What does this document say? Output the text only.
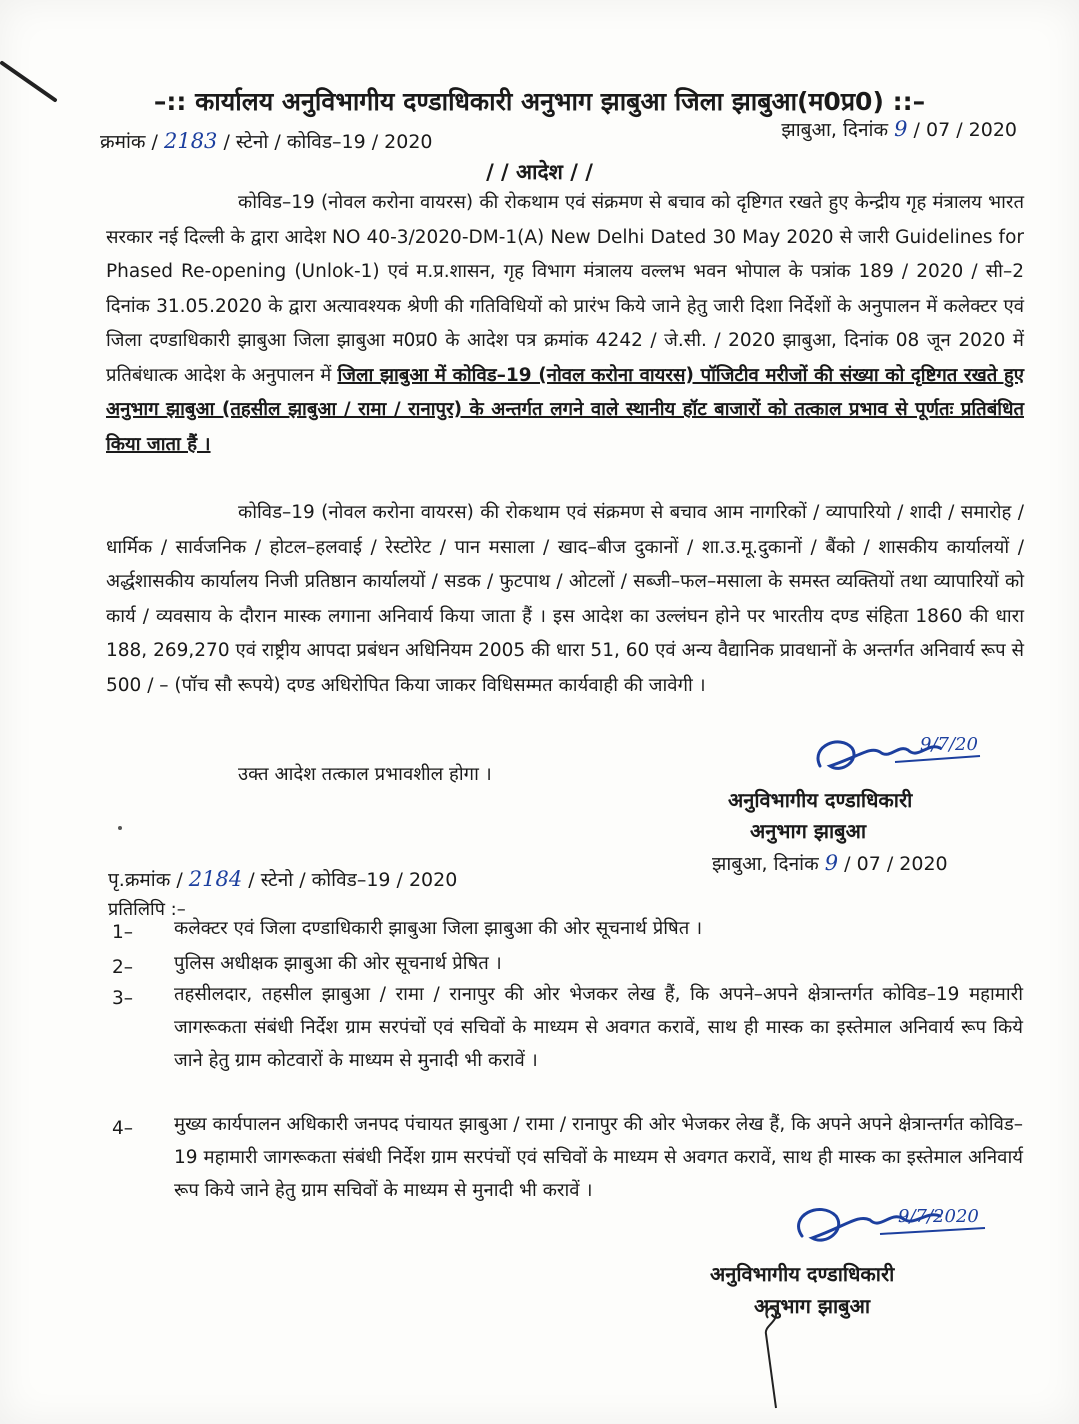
–:: कार्यालय अनुविभागीय दण्डाधिकारी अनुभाग झाबुआ जिला झाबुआ(म0प्र0) ::–
क्रमांक / 2183 / स्टेनो / कोविड–19 / 2020
झाबुआ, दिनांक 9 / 07 / 2020
/ / आदेश / /
कोविड–19 (नोवल करोना वायरस) की रोकथाम एवं संक्रमण से बचाव को दृष्टिगत रखते हुए केन्द्रीय गृह मंत्रालय भारत सरकार नई दिल्ली के द्वारा आदेश NO 40-3/2020-DM-1(A) New Delhi Dated 30 May 2020 से जारी Guidelines for Phased Re-opening (Unlok-1) एवं म.प्र.शासन, गृह विभाग मंत्रालय वल्लभ भवन भोपाल के पत्रांक 189 / 2020 / सी–2 दिनांक 31.05.2020 के द्वारा अत्यावश्यक श्रेणी की गतिविधियों को प्रारंभ किये जाने हेतु जारी दिशा निर्देशों के अनुपालन में कलेक्टर एवं जिला दण्डाधिकारी झाबुआ जिला झाबुआ म0प्र0 के आदेश पत्र क्रमांक 4242 / जे.सी. / 2020 झाबुआ, दिनांक 08 जून 2020 में प्रतिबंधात्क आदेश के अनुपालन में जिला झाबुआ में कोविड–19 (नोवल करोना वायरस) पॉजिटीव मरीजों की संख्या को दृष्टिगत रखते हुए अनुभाग झाबुआ (तहसील झाबुआ / रामा / रानापुर) के अन्तर्गत लगने वाले स्थानीय हॉट बाजारों को तत्काल प्रभाव से पूर्णतः प्रतिबंधित किया जाता हैं ।
कोविड–19 (नोवल करोना वायरस) की रोकथाम एवं संक्रमण से बचाव आम नागरिकों / व्यापारियो / शादी / समारोह / धार्मिक / सार्वजनिक / होटल–हलवाई / रेस्टोरेट / पान मसाला / खाद–बीज दुकानों / शा.उ.मू.दुकानों / बैंको / शासकीय कार्यालयों / अर्द्धशासकीय कार्यालय निजी प्रतिष्ठान कार्यालयों / सडक / फुटपाथ / ओटलों / सब्जी–फल–मसाला के समस्त व्यक्तियों तथा व्यापारियों को कार्य / व्यवसाय के दौरान मास्क लगाना अनिवार्य किया जाता हैं । इस आदेश का उल्लंघन होने पर भारतीय दण्ड संहिता 1860 की धारा 188, 269,270 एवं राष्ट्रीय आपदा प्रबंधन अधिनियम 2005 की धारा 51, 60 एवं अन्य वैद्यानिक प्रावधानों के अन्तर्गत अनिवार्य रूप से 500 / – (पॉच सौ रूपये) दण्ड अधिरोपित किया जाकर विधिसम्मत कार्यवाही की जावेगी ।
उक्त आदेश तत्काल प्रभावशील होगा ।
9/7/20
अनुविभागीय दण्डाधिकारी
अनुभाग झाबुआ
पृ.क्रमांक / 2184 / स्टेनो / कोविड–19 / 2020
झाबुआ, दिनांक 9 / 07 / 2020
प्रतिलिपि :–
1–	कलेक्टर एवं जिला दण्डाधिकारी झाबुआ जिला झाबुआ की ओर सूचनार्थ प्रेषित ।
2–	पुलिस अधीक्षक झाबुआ की ओर सूचनार्थ प्रेषित ।
3–	तहसीलदार, तहसील झाबुआ / रामा / रानापुर की ओर भेजकर लेख हैं, कि अपने–अपने क्षेत्रान्तर्गत कोविड–19 महामारी जागरूकता संबंधी निर्देश ग्राम सरपंचों एवं सचिवों के माध्यम से अवगत करावें, साथ ही मास्क का इस्तेमाल अनिवार्य रूप किये जाने हेतु ग्राम कोटवारों के माध्यम से मुनादी भी करावें ।
4–	मुख्य कार्यपालन अधिकारी जनपद पंचायत झाबुआ / रामा / रानापुर की ओर भेजकर लेख हैं, कि अपने अपने क्षेत्रान्तर्गत कोविड–19 महामारी जागरूकता संबंधी निर्देश ग्राम सरपंचों एवं सचिवों के माध्यम से अवगत करावें, साथ ही मास्क का इस्तेमाल अनिवार्य रूप किये जाने हेतु ग्राम सचिवों के माध्यम से मुनादी भी करावें ।
9/7/2020
अनुविभागीय दण्डाधिकारी
अनुभाग झाबुआ
